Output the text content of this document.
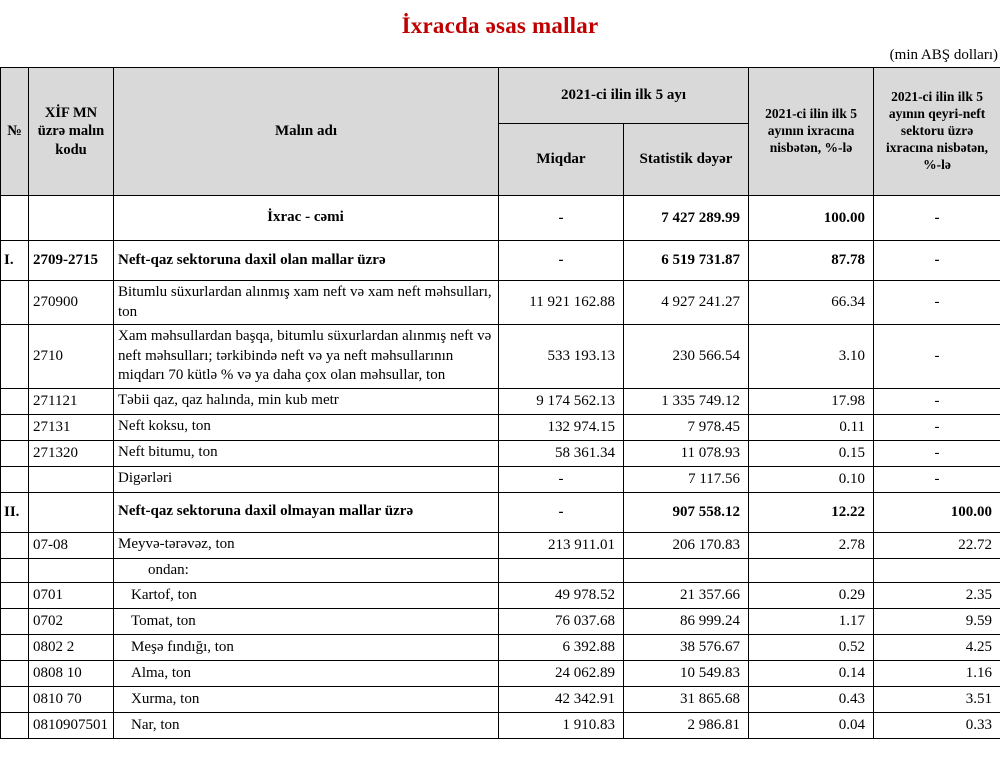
İxracda əsas mallar
(min ABŞ dolları)
№	XİF MN üzrə malın kodu	Malın adı	2021-ci ilin ilk 5 ayı		2021-ci ilin ilk 5 ayının ixracına nisbətən, %-lə	2021-ci ilin ilk 5 ayının qeyri-neft sektoru üzrə ixracına nisbətən, %-lə
			Miqdar	Statistik dəyər		
		İxrac - cəmi	-	7 427 289.99	100.00	-
I.	2709-2715	Neft-qaz sektoruna daxil olan mallar üzrə	-	6 519 731.87	87.78	-
	270900	Bitumlu süxurlardan alınmış xam neft və xam neft məhsulları, ton	11 921 162.88	4 927 241.27	66.34	-
	2710	Xam məhsullardan başqa, bitumlu süxurlardan alınmış neft və neft məhsulları; tərkibində neft və ya neft məhsullarının miqdarı 70 kütlə % və ya daha çox olan məhsullar, ton	533 193.13	230 566.54	3.10	-
	271121	Təbii qaz, qaz halında, min kub metr	9 174 562.13	1 335 749.12	17.98	-
	27131	Neft koksu, ton	132 974.15	7 978.45	0.11	-
	271320	Neft bitumu, ton	58 361.34	11 078.93	0.15	-
		Digərləri	-	7 117.56	0.10	-
II.		Neft-qaz sektoruna daxil olmayan mallar üzrə	-	907 558.12	12.22	100.00
	07-08	Meyvə-tərəvəz, ton	213 911.01	206 170.83	2.78	22.72
		ondan:				
	0701	Kartof, ton	49 978.52	21 357.66	0.29	2.35
	0702	Tomat, ton	76 037.68	86 999.24	1.17	9.59
	0802 2	Meşə fındığı, ton	6 392.88	38 576.67	0.52	4.25
	0808 10	Alma, ton	24 062.89	10 549.83	0.14	1.16
	0810 70	Xurma, ton	42 342.91	31 865.68	0.43	3.51
	0810907501	Nar, ton	1 910.83	2 986.81	0.04	0.33
